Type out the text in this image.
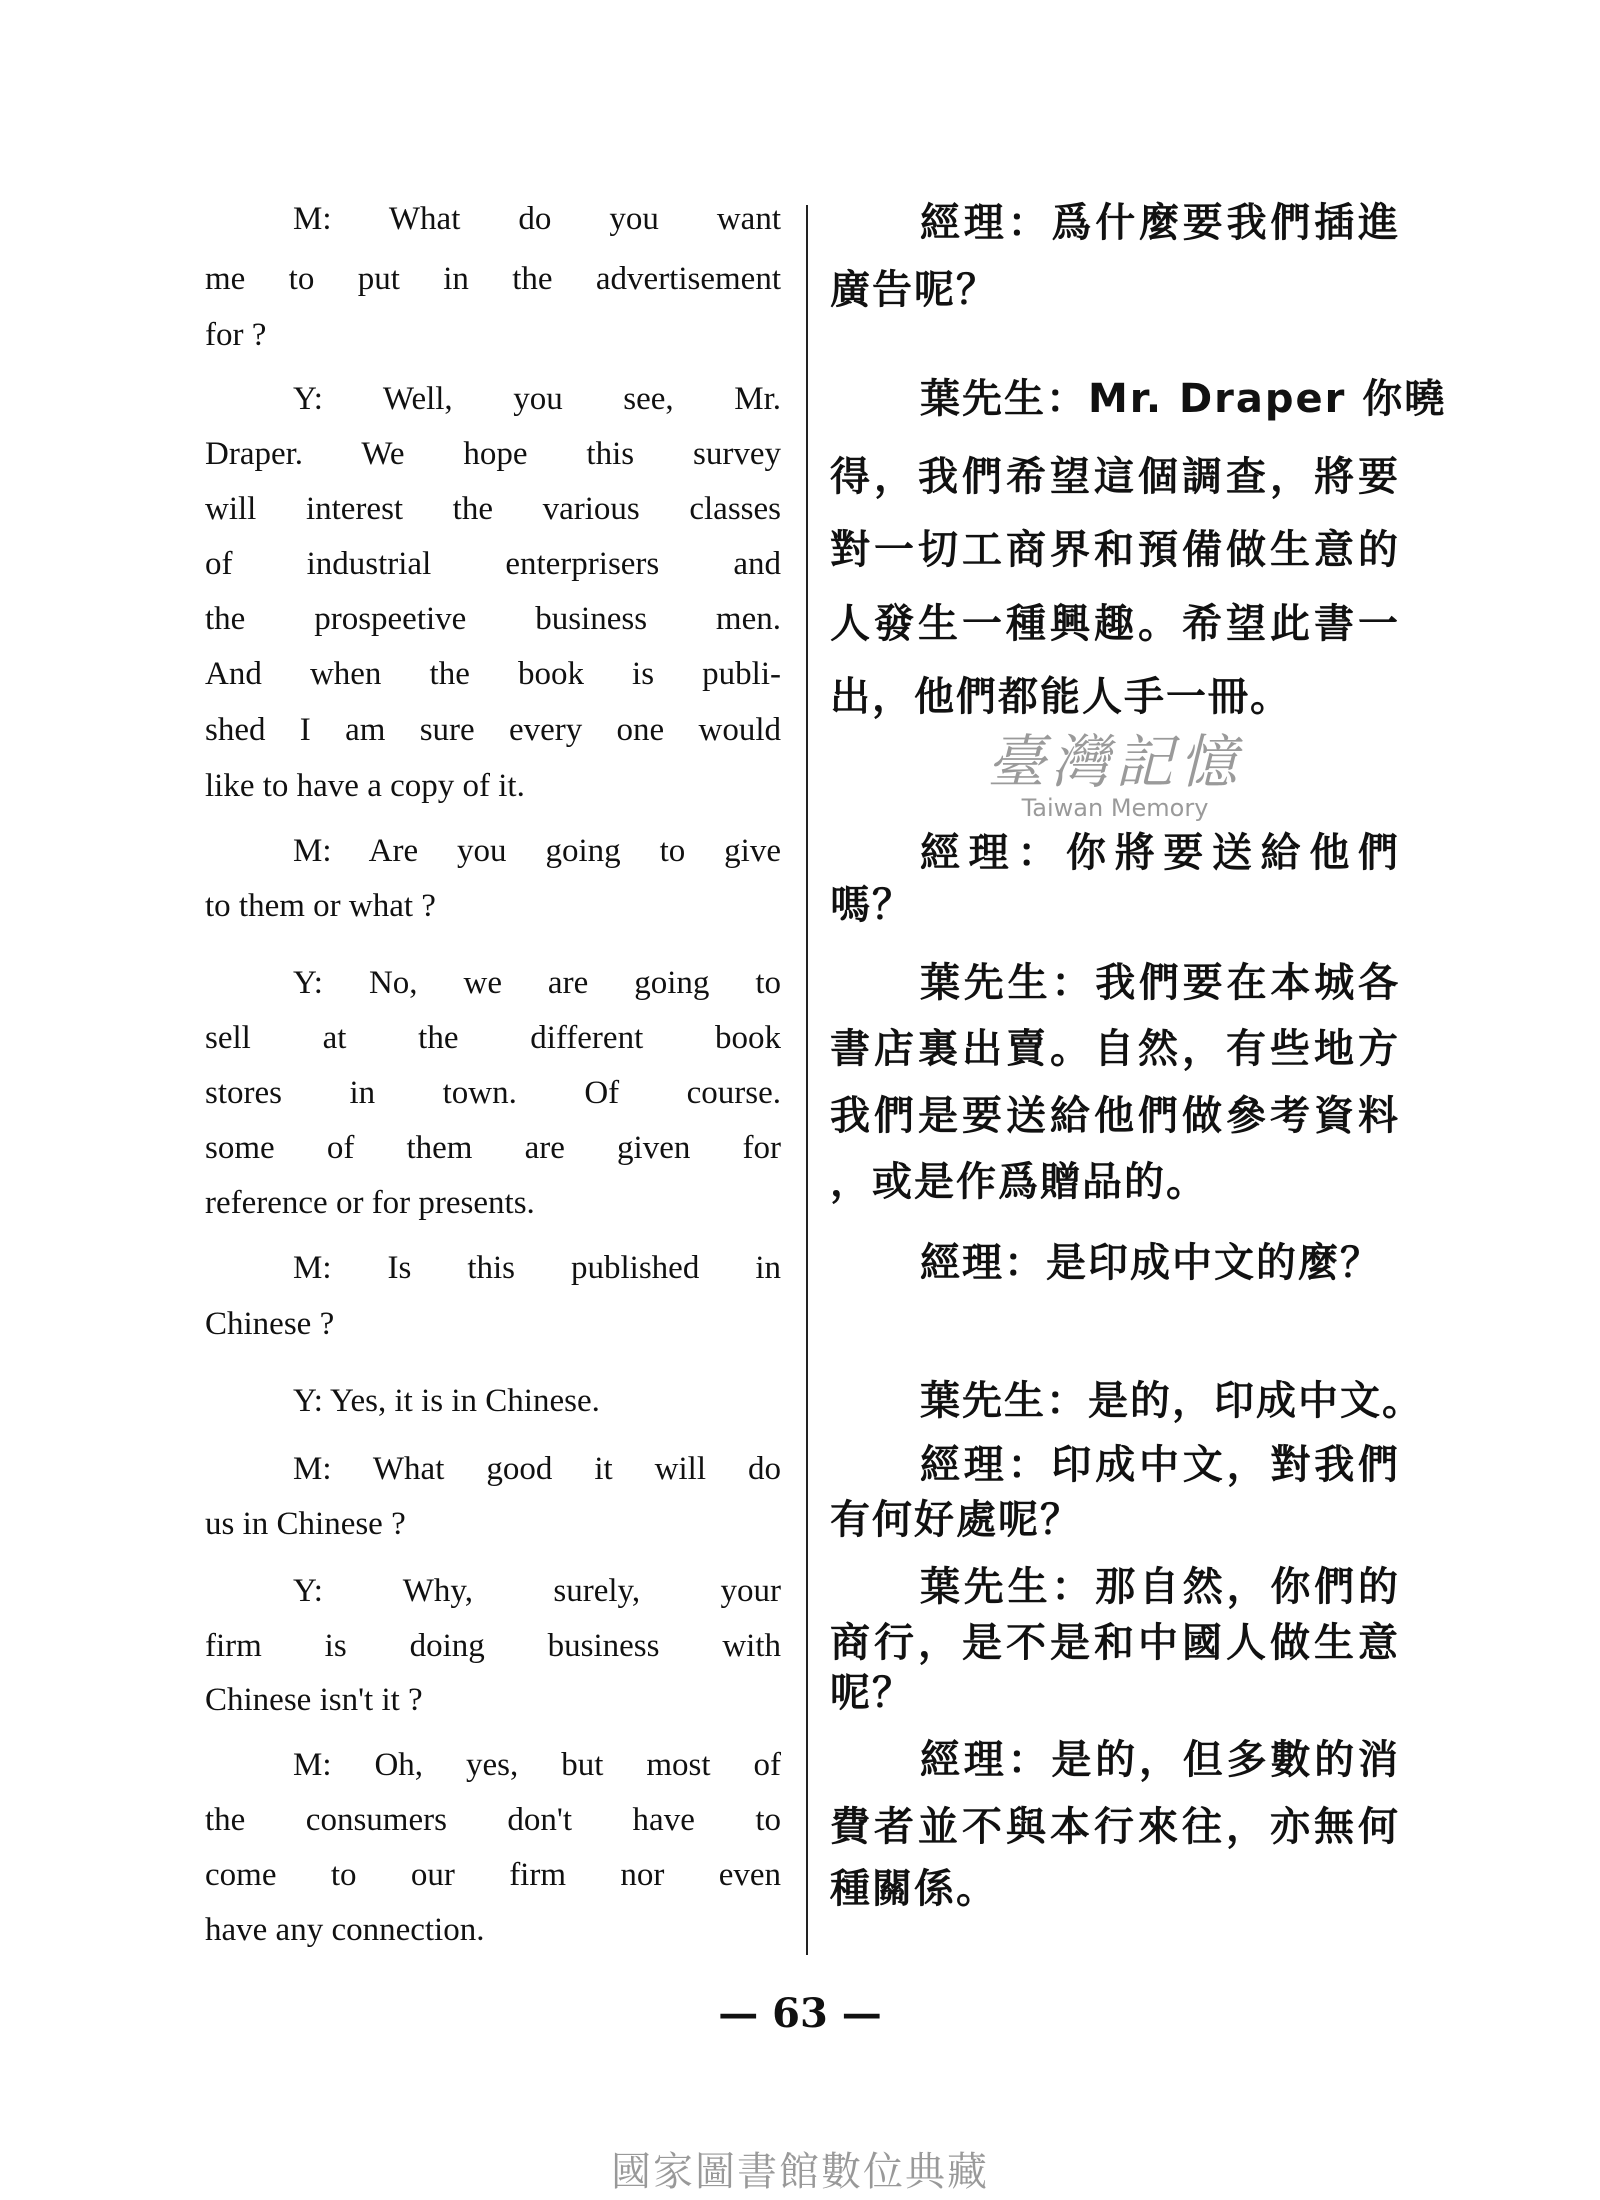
M: What do you want
me to put in the advertisement
for ?
Y: Well, you see, Mr.
Draper. We hope this survey
will interest the various classes
of industrial enterprisers and
the prospeetive business men.
And when the book is publi-
shed I am sure every one would
like to have a copy of it.
M: Are you going to give
to them or what ?
Y: No, we are going to
sell at the different book
stores in town. Of course.
some of them are given for
reference or for presents.
M: Is this published in
Chinese ?
Y: Yes, it is in Chinese.
M: What good it will do
us in Chinese ?
Y: Why, surely, your
firm is doing business with
Chinese isn't it ?
M: Oh, yes, but most of
the consumers don't have to
come to our firm nor even
have any connection.
經理：爲什麼要我們插進
廣告呢？
葉先生：Mr. Draper 你曉
得，我們希望這個調查，將要
對一切工商界和預備做生意的
人發生一種興趣。希望此書一
出，他們都能人手一冊。
經理：你將要送給他們
嗎？
葉先生：我們要在本城各
書店裏出賣。自然，有些地方
我們是要送給他們做參考資料
，或是作爲贈品的。
經理：是印成中文的麼？
葉先生：是的，印成中文。
經理：印成中文，對我們
有何好處呢？
葉先生：那自然，你們的
商行，是不是和中國人做生意
呢？
經理：是的，但多數的消
費者並不與本行來往，亦無何
種關係。
臺灣記憶
Taiwan Memory
— 63 —
國家圖書館數位典藏
